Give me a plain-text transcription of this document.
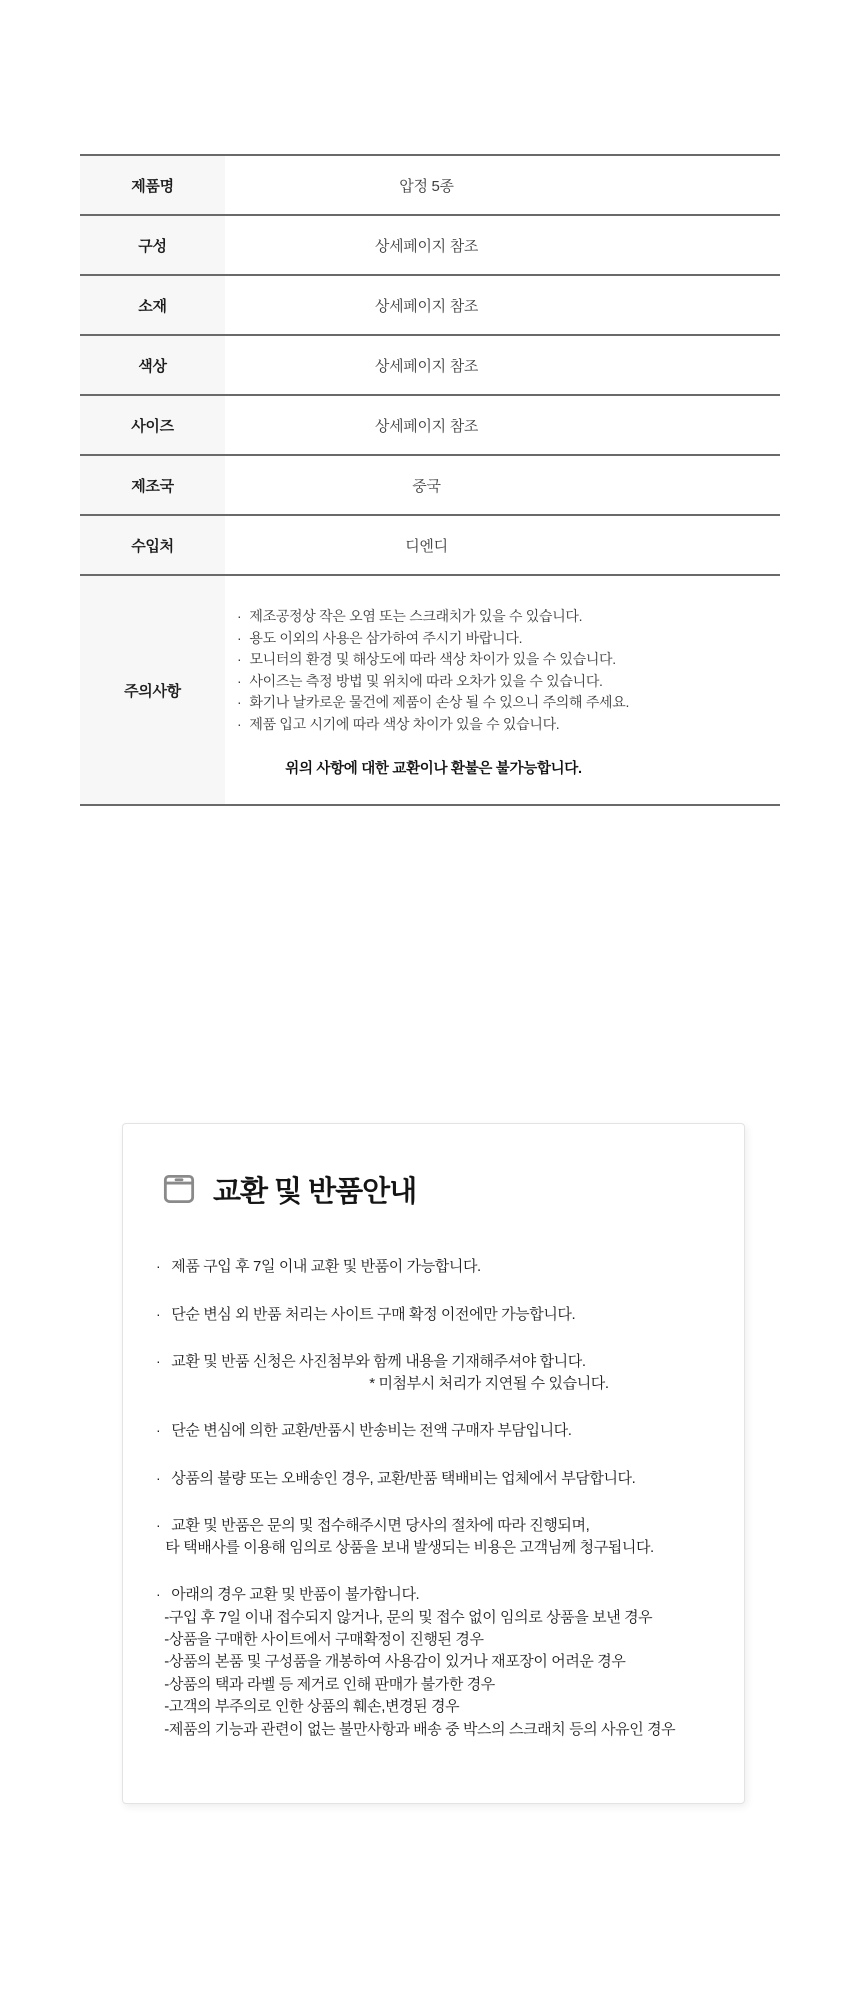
제품명	압정 5종
구성	상세페이지 참조
소재	상세페이지 참조
색상	상세페이지 참조
사이즈	상세페이지 참조
제조국	중국
수입처	디엔디
주의사항
· 제조공정상 작은 오염 또는 스크래치가 있을 수 있습니다.
· 용도 이외의 사용은 삼가하여 주시기 바랍니다.
· 모니터의 환경 및 해상도에 따라 색상 차이가 있을 수 있습니다.
· 사이즈는 측정 방법 및 위치에 따라 오차가 있을 수 있습니다.
· 화기나 날카로운 물건에 제품이 손상 될 수 있으니 주의해 주세요.
· 제품 입고 시기에 따라 색상 차이가 있을 수 있습니다.
위의 사항에 대한 교환이나 환불은 불가능합니다.
교환 및 반품안내
· 제품 구입 후 7일 이내 교환 및 반품이 가능합니다.
· 단순 변심 외 반품 처리는 사이트 구매 확정 이전에만 가능합니다.
· 교환 및 반품 신청은 사진첨부와 함께 내용을 기재해주셔야 합니다.
* 미첨부시 처리가 지연될 수 있습니다.
· 단순 변심에 의한 교환/반품시 반송비는 전액 구매자 부담입니다.
· 상품의 불량 또는 오배송인 경우, 교환/반품 택배비는 업체에서 부담합니다.
· 교환 및 반품은 문의 및 접수해주시면 당사의 절차에 따라 진행되며,
타 택배사를 이용해 임의로 상품을 보내 발생되는 비용은 고객님께 청구됩니다.
· 아래의 경우 교환 및 반품이 불가합니다.
-구입 후 7일 이내 접수되지 않거나, 문의 및 접수 없이 임의로 상품을 보낸 경우
-상품을 구매한 사이트에서 구매확정이 진행된 경우
-상품의 본품 및 구성품을 개봉하여 사용감이 있거나 재포장이 어려운 경우
-상품의 택과 라벨 등 제거로 인해 판매가 불가한 경우
-고객의 부주의로 인한 상품의 훼손,변경된 경우
-제품의 기능과 관련이 없는 불만사항과 배송 중 박스의 스크래치 등의 사유인 경우
